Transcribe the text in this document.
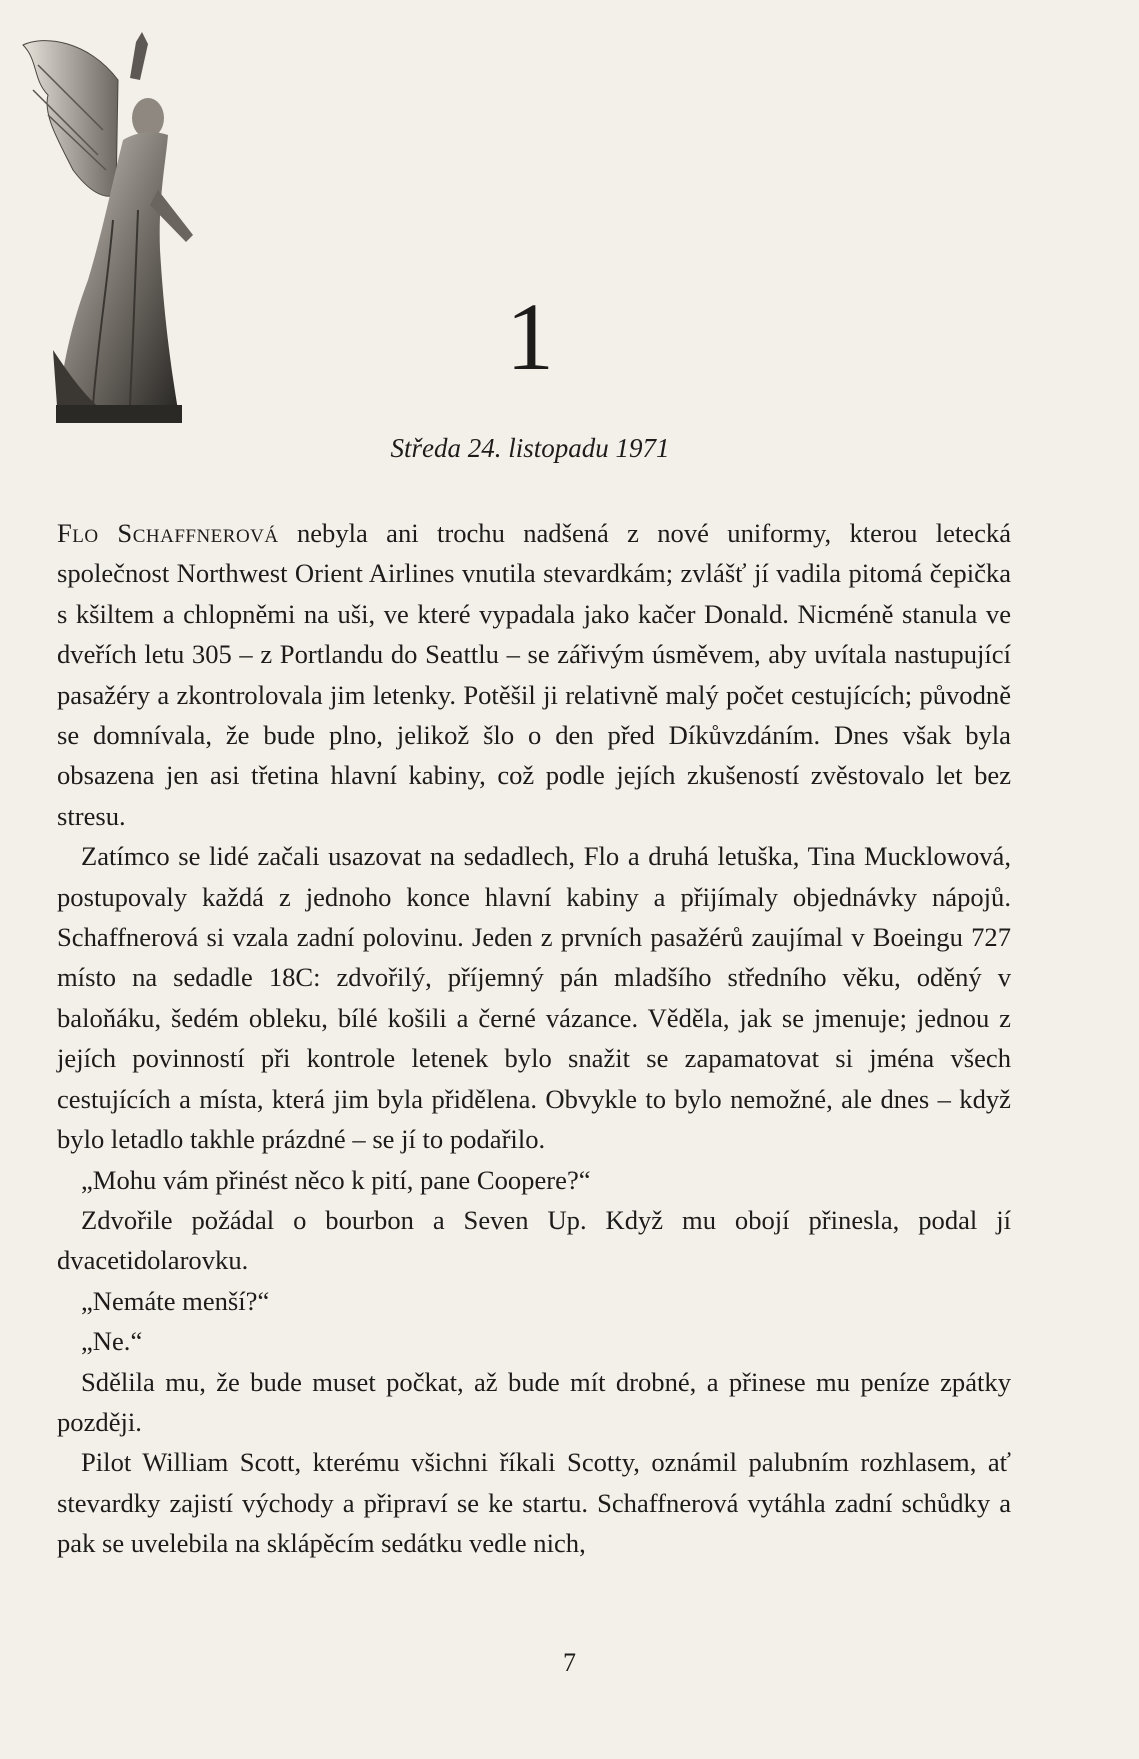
1
Středa 24. listopadu 1971

Flo Schaffnerová nebyla ani trochu nadšená z nové uniformy, kterou letecká společnost Northwest Orient Airlines vnutila stevardkám; zvlášť jí vadila pitomá čepička s kšiltem a chlopněmi na uši, ve které vypadala jako kačer Donald. Nicméně stanula ve dveřích letu 305 – z Portlandu do Seattlu – se zářivým úsměvem, aby uvítala nastupující pasažéry a zkontrolovala jim letenky. Potěšil ji relativně malý počet cestujících; původně se domnívala, že bude plno, jelikož šlo o den před Díkůvzdáním. Dnes však byla obsazena jen asi třetina hlavní kabiny, což podle jejích zkušeností zvěstovalo let bez stresu.

Zatímco se lidé začali usazovat na sedadlech, Flo a druhá letuška, Tina Mucklowová, postupovaly každá z jednoho konce hlavní kabiny a přijímaly objednávky nápojů. Schaffnerová si vzala zadní polovinu. Jeden z prvních pasažérů zaujímal v Boeingu 727 místo na sedadle 18C: zdvořilý, příjemný pán mladšího středního věku, oděný v baloňáku, šedém obleku, bílé košili a černé vázance. Věděla, jak se jmenuje; jednou z jejích povinností při kontrole letenek bylo snažit se zapamatovat si jména všech cestujících a místa, která jim byla přidělena. Obvykle to bylo nemožné, ale dnes – když bylo letadlo takhle prázdné – se jí to podařilo.

„Mohu vám přinést něco k pití, pane Coopere?“

Zdvořile požádal o bourbon a Seven Up. Když mu obojí přinesla, podal jí dvacetidolarovku.

„Nemáte menší?“

„Ne.“

Sdělila mu, že bude muset počkat, až bude mít drobné, a přinese mu peníze zpátky později.

Pilot William Scott, kterému všichni říkali Scotty, oznámil palubním rozhlasem, ať stevardky zajistí východy a připraví se ke startu. Schaffnerová vytáhla zadní schůdky a pak se uvelebila na sklápěcím sedátku vedle nich,

7
